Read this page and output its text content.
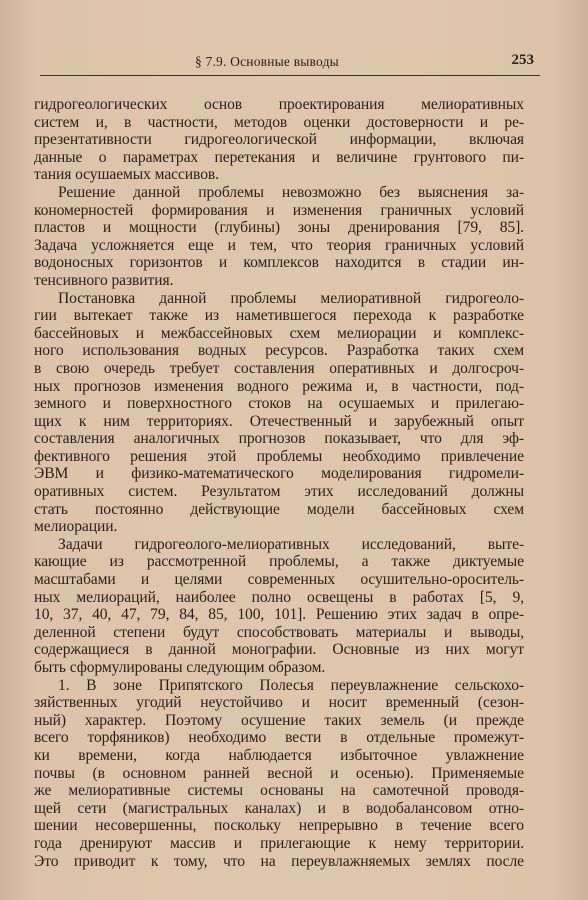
§ 7.9. Основные выводы	253
гидрогеологических основ проектирования мелиоративных
систем и, в частности, методов оценки достоверности и ре-
презентативности гидрогеологической информации, включая
данные о параметрах перетекания и величине грунтового пи-
тания осушаемых массивов.
Решение данной проблемы невозможно без выяснения за-
кономерностей формирования и изменения граничных условий
пластов и мощности (глубины) зоны дренирования [79, 85].
Задача усложняется еще и тем, что теория граничных условий
водоносных горизонтов и комплексов находится в стадии ин-
тенсивного развития.
Постановка данной проблемы мелиоративной гидрогеоло-
гии вытекает также из наметившегося перехода к разработке
бассейновых и межбассейновых схем мелиорации и комплекс-
ного использования водных ресурсов. Разработка таких схем
в свою очередь требует составления оперативных и долгосроч-
ных прогнозов изменения водного режима и, в частности, под-
земного и поверхностного стоков на осушаемых и прилегаю-
щих к ним территориях. Отечественный и зарубежный опыт
составления аналогичных прогнозов показывает, что для эф-
фективного решения этой проблемы необходимо привлечение
ЭВМ и физико-математического моделирования гидромели-
оративных систем. Результатом этих исследований должны
стать постоянно действующие модели бассейновых схем
мелиорации.
Задачи гидрогеолого-мелиоративных исследований, выте-
кающие из рассмотренной проблемы, а также диктуемые
масштабами и целями современных осушительно-ороситель-
ных мелиораций, наиболее полно освещены в работах [5, 9,
10, 37, 40, 47, 79, 84, 85, 100, 101]. Решению этих задач в опре-
деленной степени будут способствовать материалы и выводы,
содержащиеся в данной монографии. Основные из них могут
быть сформулированы следующим образом.
1. В зоне Припятского Полесья переувлажнение сельскохо-
зяйственных угодий неустойчиво и носит временный (сезон-
ный) характер. Поэтому осушение таких земель (и прежде
всего торфяников) необходимо вести в отдельные промежут-
ки времени, когда наблюдается избыточное увлажнение
почвы (в основном ранней весной и осенью). Применяемые
же мелиоративные системы основаны на самотечной проводя-
щей сети (магистральных каналах) и в водобалансовом отно-
шении несовершенны, поскольку непрерывно в течение всего
года дренируют массив и прилегающие к нему территории.
Это приводит к тому, что на переувлажняемых землях после
